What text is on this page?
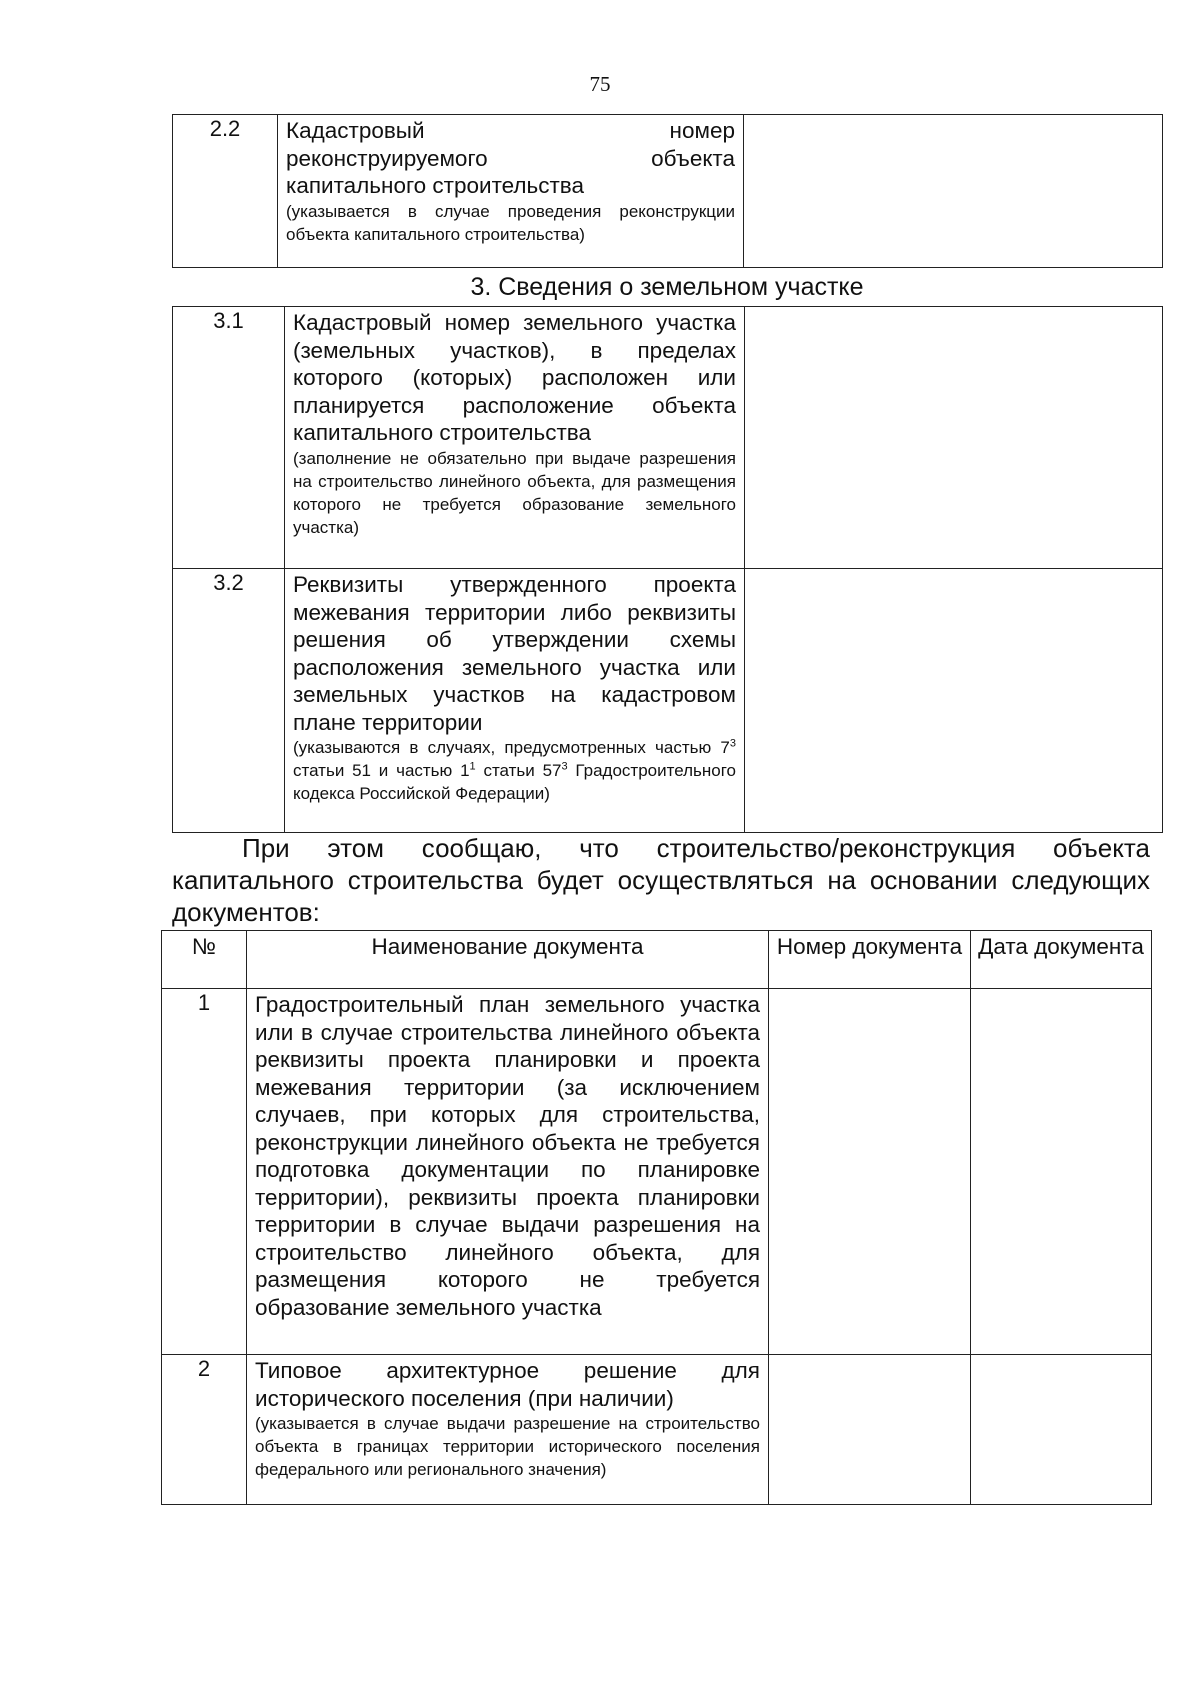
75
2.2	Кадастровый номер
реконструируемого объекта
капитального строительства
(указывается в случае проведения реконструкции объекта капитального строительства)

3. Сведения о земельном участке
3.1	Кадастровый номер земельного участка (земельных участков), в пределах которого (которых) расположен или планируется расположение объекта капитального строительства
(заполнение не обязательно при выдаче разрешения на строительство линейного объекта, для размещения которого не требуется образование земельного участка)	

3.2	Реквизиты утвержденного проекта межевания территории либо реквизиты решения об утверждении схемы расположения земельного участка или земельных участков на кадастровом плане территории
(указываются в случаях, предусмотренных частью $7^3$ статьи 51 и частью $1^1$ статьи $57^3$ Градостроительного кодекса Российской Федерации)	

При этом сообщаю, что строительство/реконструкция объекта капитального строительства будет осуществляться на основании следующих документов:
№	Наименование документа	Номер документа	Дата документа
1	Градостроительный план земельного участка или в случае строительства линейного объекта реквизиты проекта планировки и проекта межевания территории (за исключением случаев, при которых для строительства, реконструкции линейного объекта не требуется подготовка документации по планировке территории), реквизиты проекта планировки территории в случае выдачи разрешения на строительство линейного объекта, для размещения которого не требуется образование земельного участка		

2	Типовое архитектурное решение для исторического поселения (при наличии)
(указывается в случае выдачи разрешение на строительство объекта в границах территории исторического поселения федерального или регионального значения)		
